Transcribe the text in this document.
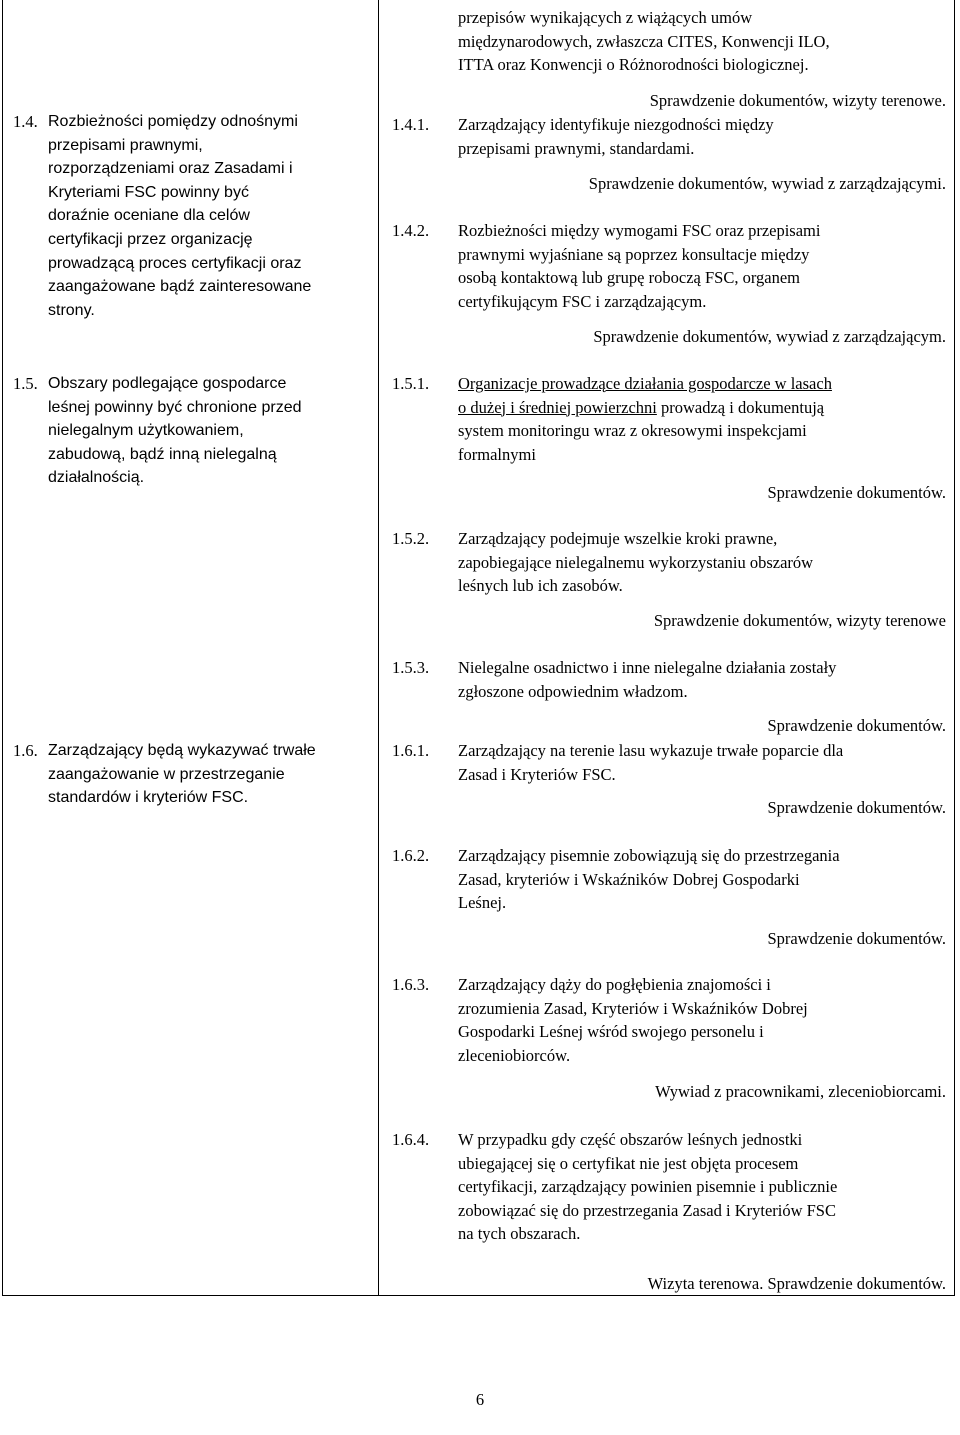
1.4. Rozbieżności pomiędzy odnośnymi
przepisami prawnymi,
rozporządzeniami oraz Zasadami i
Kryteriami FSC powinny być
doraźnie oceniane dla celów
certyfikacji przez organizację
prowadzącą proces certyfikacji oraz
zaangażowane bądź zainteresowane
strony.
1.5. Obszary podlegające gospodarce
leśnej powinny być chronione przed
nielegalnym użytkowaniem,
zabudową, bądź inną nielegalną
działalnością.
1.6. Zarządzający będą wykazywać trwałe
zaangażowanie w przestrzeganie
standardów i kryteriów FSC.
przepisów wynikających z wiążących umów
międzynarodowych, zwłaszcza CITES, Konwencji ILO,
ITTA oraz Konwencji o Różnorodności biologicznej.
Sprawdzenie dokumentów, wizyty terenowe.
1.4.1. Zarządzający identyfikuje niezgodności między
przepisami prawnymi, standardami.
Sprawdzenie dokumentów, wywiad z zarządzającymi.
1.4.2. Rozbieżności między wymogami FSC oraz przepisami
prawnymi wyjaśniane są poprzez konsultacje między
osobą kontaktową lub grupę roboczą FSC, organem
certyfikującym FSC i zarządzającym.
Sprawdzenie dokumentów, wywiad z zarządzającym.
1.5.1. Organizacje prowadzące działania gospodarcze w lasach
o dużej i średniej powierzchni prowadzą i dokumentują
system monitoringu wraz z okresowymi inspekcjami
formalnymi
Sprawdzenie dokumentów.
1.5.2. Zarządzający podejmuje wszelkie kroki prawne,
zapobiegające nielegalnemu wykorzystaniu obszarów
leśnych lub ich zasobów.
Sprawdzenie dokumentów, wizyty terenowe
1.5.3. Nielegalne osadnictwo i inne nielegalne działania zostały
zgłoszone odpowiednim władzom.
Sprawdzenie dokumentów.
1.6.1. Zarządzający na terenie lasu wykazuje trwałe poparcie dla
Zasad i Kryteriów FSC.
Sprawdzenie dokumentów.
1.6.2. Zarządzający pisemnie zobowiązują się do przestrzegania
Zasad, kryteriów i Wskaźników Dobrej Gospodarki
Leśnej.
Sprawdzenie dokumentów.
1.6.3. Zarządzający dąży do pogłębienia znajomości i
zrozumienia Zasad, Kryteriów i Wskaźników Dobrej
Gospodarki Leśnej wśród swojego personelu i
zleceniobiorców.
Wywiad z pracownikami, zleceniobiorcami.
1.6.4. W przypadku gdy część obszarów leśnych jednostki
ubiegającej się o certyfikat nie jest objęta procesem
certyfikacji, zarządzający powinien pisemnie i publicznie
zobowiązać się do przestrzegania Zasad i Kryteriów FSC
na tych obszarach.
Wizyta terenowa. Sprawdzenie dokumentów.
6
